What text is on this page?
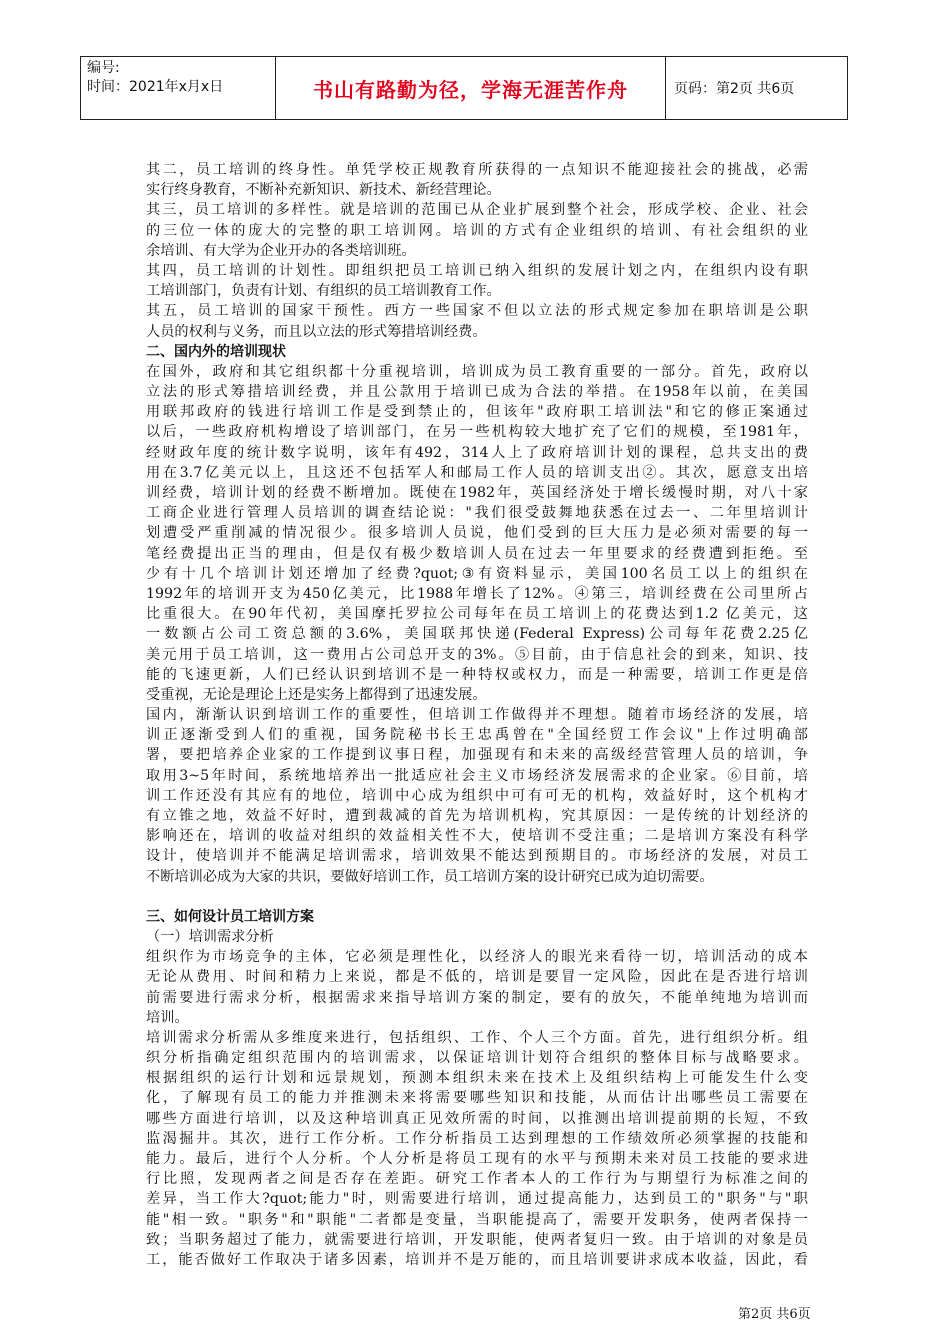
编号:
时间：2021年x月x日	书山有路勤为径，学海无涯苦作舟	页码：第2页 共6页
其二，员工培训的终身性。单凭学校正规教育所获得的一点知识不能迎接社会的挑战，必需
实行终身教育，不断补充新知识、新技术、新经营理论。
其三，员工培训的多样性。就是培训的范围已从企业扩展到整个社会，形成学校、企业、社会
的三位一体的庞大的完整的职工培训网。培训的方式有企业组织的培训、有社会组织的业
余培训、有大学为企业开办的各类培训班。
其四，员工培训的计划性。即组织把员工培训已纳入组织的发展计划之内，在组织内设有职
工培训部门，负责有计划、有组织的员工培训教育工作。
其五，员工培训的国家干预性。西方一些国家不但以立法的形式规定参加在职培训是公职
人员的权利与义务，而且以立法的形式筹措培训经费。
二、国内外的培训现状
在国外，政府和其它组织都十分重视培训，培训成为员工教育重要的一部分。首先，政府以
立法的形式筹措培训经费，并且公款用于培训已成为合法的举措。在1958年以前，在美国
用联邦政府的钱进行培训工作是受到禁止的，但该年"政府职工培训法"和它的修正案通过
以后，一些政府机构增设了培训部门，在另一些机构较大地扩充了它们的规模，至1981年，
经财政年度的统计数字说明，该年有492，314人上了政府培训计划的课程，总共支出的费
用在3.7亿美元以上，且这还不包括军人和邮局工作人员的培训支出②。其次，愿意支出培
训经费，培训计划的经费不断增加。既使在1982年，英国经济处于增长缓慢时期，对八十家
工商企业进行管理人员培训的调查结论说："我们很受鼓舞地获悉在过去一、二年里培训计
划遭受严重削减的情况很少。很多培训人员说，他们受到的巨大压力是必须对需要的每一
笔经费提出正当的理由，但是仅有极少数培训人员在过去一年里要求的经费遭到拒绝。至
少有十几个培训计划还增加了经费?quot;③有资料显示，美国100名员工以上的组织在
1992年的培训开支为450亿美元，比1988年增长了12%。④第三，培训经费在公司里所占
比重很大。在90年代初，美国摩托罗拉公司每年在员工培训上的花费达到1.2 亿美元，这
一数额占公司工资总额的3.6%，美国联邦快递(Federal Express)公司每年花费2.25亿
美元用于员工培训，这一费用占公司总开支的3%。⑤目前，由于信息社会的到来，知识、技
能的飞速更新，人们已经认识到培训不是一种特权或权力，而是一种需要，培训工作更是倍
受重视，无论是理论上还是实务上都得到了迅速发展。
国内，渐渐认识到培训工作的重要性，但培训工作做得并不理想。随着市场经济的发展，培
训正逐渐受到人们的重视，国务院秘书长王忠禹曾在"全国经贸工作会议"上作过明确部
署，要把培养企业家的工作提到议事日程，加强现有和未来的高级经营管理人员的培训，争
取用3~5年时间，系统地培养出一批适应社会主义市场经济发展需求的企业家。⑥目前，培
训工作还没有其应有的地位，培训中心成为组织中可有可无的机构，效益好时，这个机构才
有立锥之地，效益不好时，遭到裁减的首先为培训机构，究其原因：一是传统的计划经济的
影响还在，培训的收益对组织的效益相关性不大，使培训不受注重；二是培训方案没有科学
设计，使培训并不能满足培训需求，培训效果不能达到预期目的。市场经济的发展，对员工
不断培训必成为大家的共识，要做好培训工作，员工培训方案的设计研究已成为迫切需要。
三、如何设计员工培训方案
（一）培训需求分析
组织作为市场竞争的主体，它必须是理性化，以经济人的眼光来看待一切，培训活动的成本
无论从费用、时间和精力上来说，都是不低的，培训是要冒一定风险，因此在是否进行培训
前需要进行需求分析，根据需求来指导培训方案的制定，要有的放矢，不能单纯地为培训而
培训。
培训需求分析需从多维度来进行，包括组织、工作、个人三个方面。首先，进行组织分析。组
织分析指确定组织范围内的培训需求，以保证培训计划符合组织的整体目标与战略要求。
根据组织的运行计划和远景规划，预测本组织未来在技术上及组织结构上可能发生什么变
化，了解现有员工的能力并推测未来将需要哪些知识和技能，从而估计出哪些员工需要在
哪些方面进行培训，以及这种培训真正见效所需的时间，以推测出培训提前期的长短，不致
监渴掘井。其次，进行工作分析。工作分析指员工达到理想的工作绩效所必须掌握的技能和
能力。最后，进行个人分析。个人分析是将员工现有的水平与预期未来对员工技能的要求进
行比照，发现两者之间是否存在差距。研究工作者本人的工作行为与期望行为标准之间的
差异，当工作大?quot;能力"时，则需要进行培训，通过提高能力，达到员工的"职务"与"职
能"相一致。"职务"和"职能"二者都是变量，当职能提高了，需要开发职务，使两者保持一
致；当职务超过了能力，就需要进行培训，开发职能，使两者复归一致。由于培训的对象是员
工，能否做好工作取决于诸多因素，培训并不是万能的，而且培训要讲求成本收益，因此，看
第2页 共6页
